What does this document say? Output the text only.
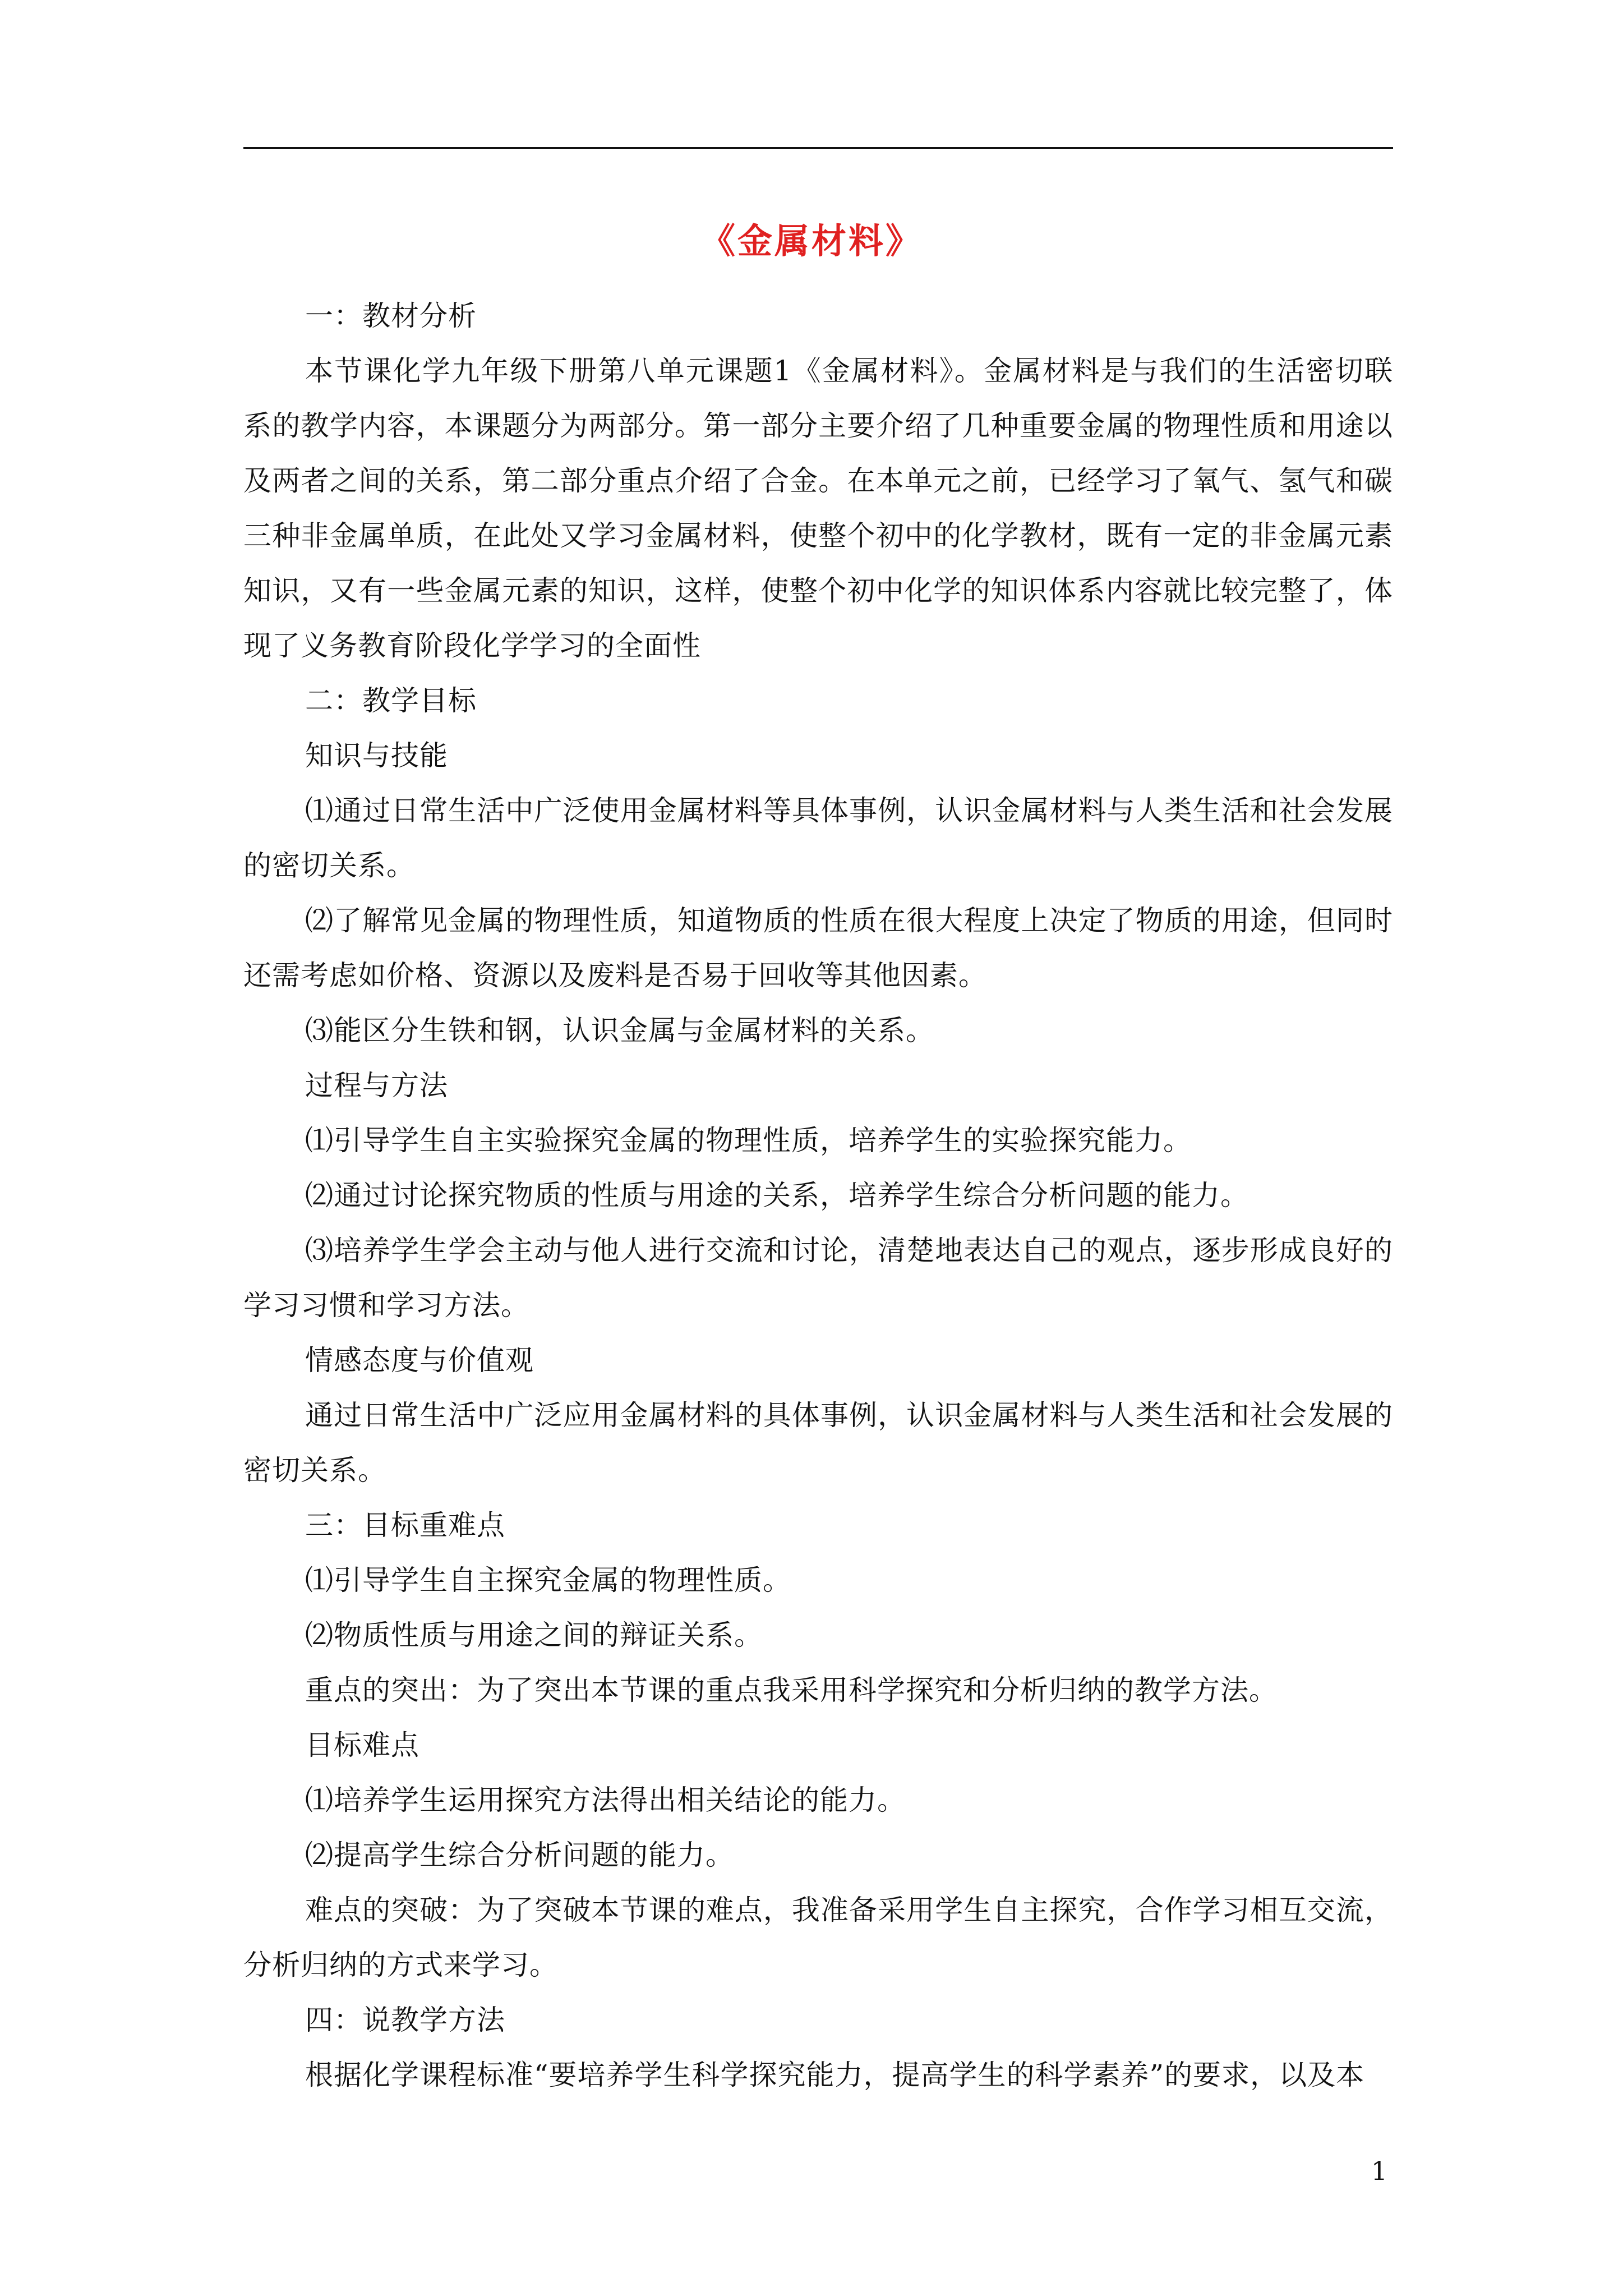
《金属材料》

一：教材分析

本节课化学九年级下册第八单元课题1《金属材料》。金属材料是与我们的生活密切联系的教学内容，本课题分为两部分。第一部分主要介绍了几种重要金属的物理性质和用途以及两者之间的关系，第二部分重点介绍了合金。在本单元之前，已经学习了氧气、氢气和碳三种非金属单质，在此处又学习金属材料，使整个初中的化学教材，既有一定的非金属元素知识，又有一些金属元素的知识，这样，使整个初中化学的知识体系内容就比较完整了，体现了义务教育阶段化学学习的全面性

二：教学目标

知识与技能

⑴通过日常生活中广泛使用金属材料等具体事例，认识金属材料与人类生活和社会发展的密切关系。

⑵了解常见金属的物理性质，知道物质的性质在很大程度上决定了物质的用途，但同时还需考虑如价格、资源以及废料是否易于回收等其他因素。

⑶能区分生铁和钢，认识金属与金属材料的关系。

过程与方法

⑴引导学生自主实验探究金属的物理性质，培养学生的实验探究能力。

⑵通过讨论探究物质的性质与用途的关系，培养学生综合分析问题的能力。

⑶培养学生学会主动与他人进行交流和讨论，清楚地表达自己的观点，逐步形成良好的学习习惯和学习方法。

情感态度与价值观

通过日常生活中广泛应用金属材料的具体事例，认识金属材料与人类生活和社会发展的密切关系。

三：目标重难点

⑴引导学生自主探究金属的物理性质。

⑵物质性质与用途之间的辩证关系。

重点的突出：为了突出本节课的重点我采用科学探究和分析归纳的教学方法。

目标难点

⑴培养学生运用探究方法得出相关结论的能力。

⑵提高学生综合分析问题的能力。

难点的突破：为了突破本节课的难点，我准备采用学生自主探究，合作学习相互交流，分析归纳的方式来学习。

四：说教学方法

根据化学课程标准“要培养学生科学探究能力，提高学生的科学素养”的要求，以及本

1
